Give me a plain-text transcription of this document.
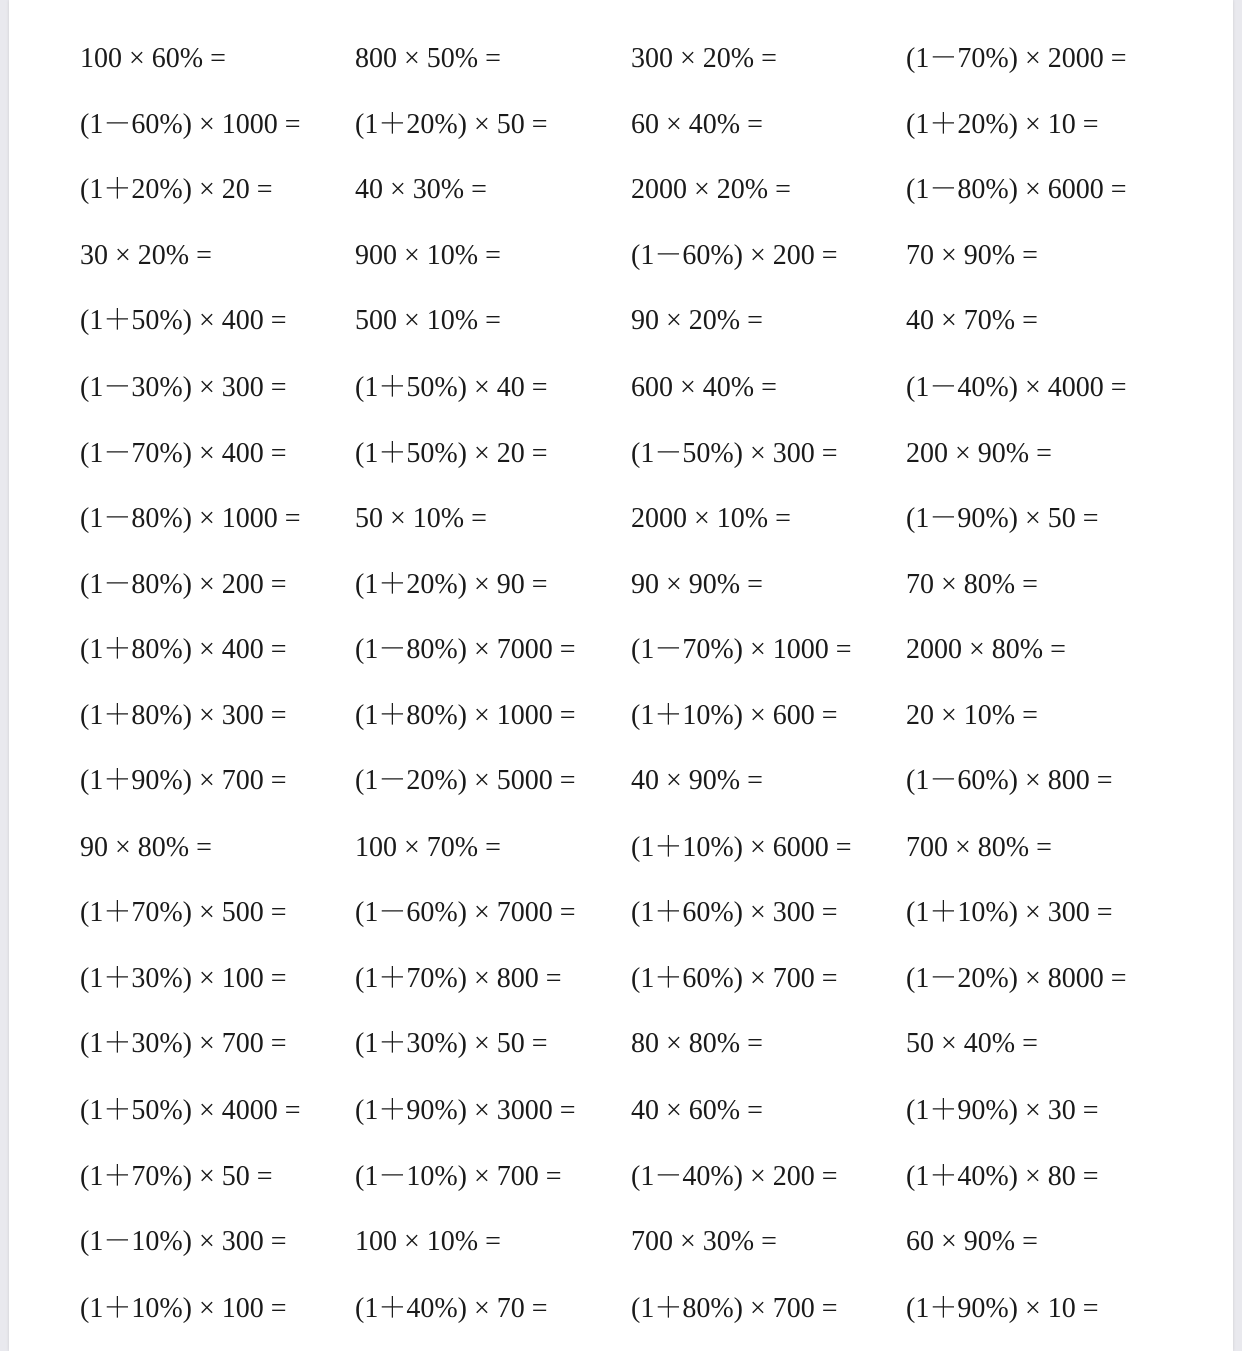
100 × 60% =	800 × 50% =	300 × 20% =	(1－70%) × 2000 =
(1－60%) × 1000 = (1＋20%) × 50 =	60 × 40% =	(1＋20%) × 10 =
(1＋20%) × 20 =	40 × 30% =	2000 × 20% =	(1－80%) × 6000 =
30 × 20% =	900 × 10% =	(1－60%) × 200 = 70 × 90% =
(1＋50%) × 400 = 500 × 10% =	90 × 20% =	40 × 70% =
(1－30%) × 300 = (1＋50%) × 40 =	600 × 40% =	(1－40%) × 4000 =
(1－70%) × 400 = (1＋50%) × 20 =	(1－50%) × 300 = 200 × 90% =
(1－80%) × 1000 = 50 × 10% =	2000 × 10% =	(1－90%) × 50 =
(1－80%) × 200 = (1＋20%) × 90 =	90 × 90% =	70 × 80% =
(1＋80%) × 400 = (1－80%) × 7000 = (1－70%) × 1000 = 2000 × 80% =
(1＋80%) × 300 = (1＋80%) × 1000 = (1＋10%) × 600 = 20 × 10% =
(1＋90%) × 700 = (1－20%) × 5000 = 40 × 90% =	(1－60%) × 800 =
90 × 80% =	100 × 70% =	(1＋10%) × 6000 = 700 × 80% =
(1＋70%) × 500 = (1－60%) × 7000 = (1＋60%) × 300 = (1＋10%) × 300 =
(1＋30%) × 100 = (1＋70%) × 800 = (1＋60%) × 700 = (1－20%) × 8000 =
(1＋30%) × 700 = (1＋30%) × 50 =	80 × 80% =	50 × 40% =
(1＋50%) × 4000 = (1＋90%) × 3000 = 40 × 60% =	(1＋90%) × 30 =
(1＋70%) × 50 =	(1－10%) × 700 = (1－40%) × 200 = (1＋40%) × 80 =
(1－10%) × 300 = 100 × 10% =	700 × 30% =	60 × 90% =
(1＋10%) × 100 = (1＋40%) × 70 =	(1＋80%) × 700 = (1＋90%) × 10 =
